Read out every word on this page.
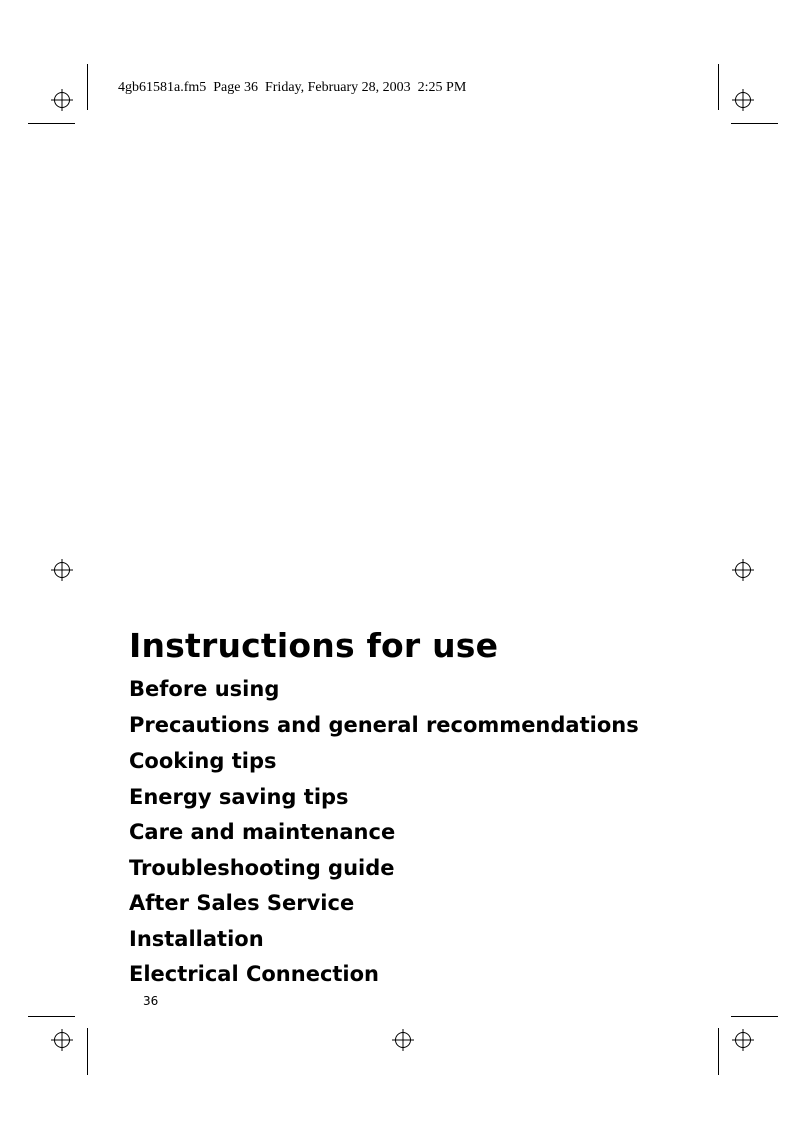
4gb61581a.fm5  Page 36  Friday, February 28, 2003  2:25 PM
Instructions for use
Before using
Precautions and general recommendations
Cooking tips
Energy saving tips
Care and maintenance
Troubleshooting guide
After Sales Service
Installation
Electrical Connection
36
